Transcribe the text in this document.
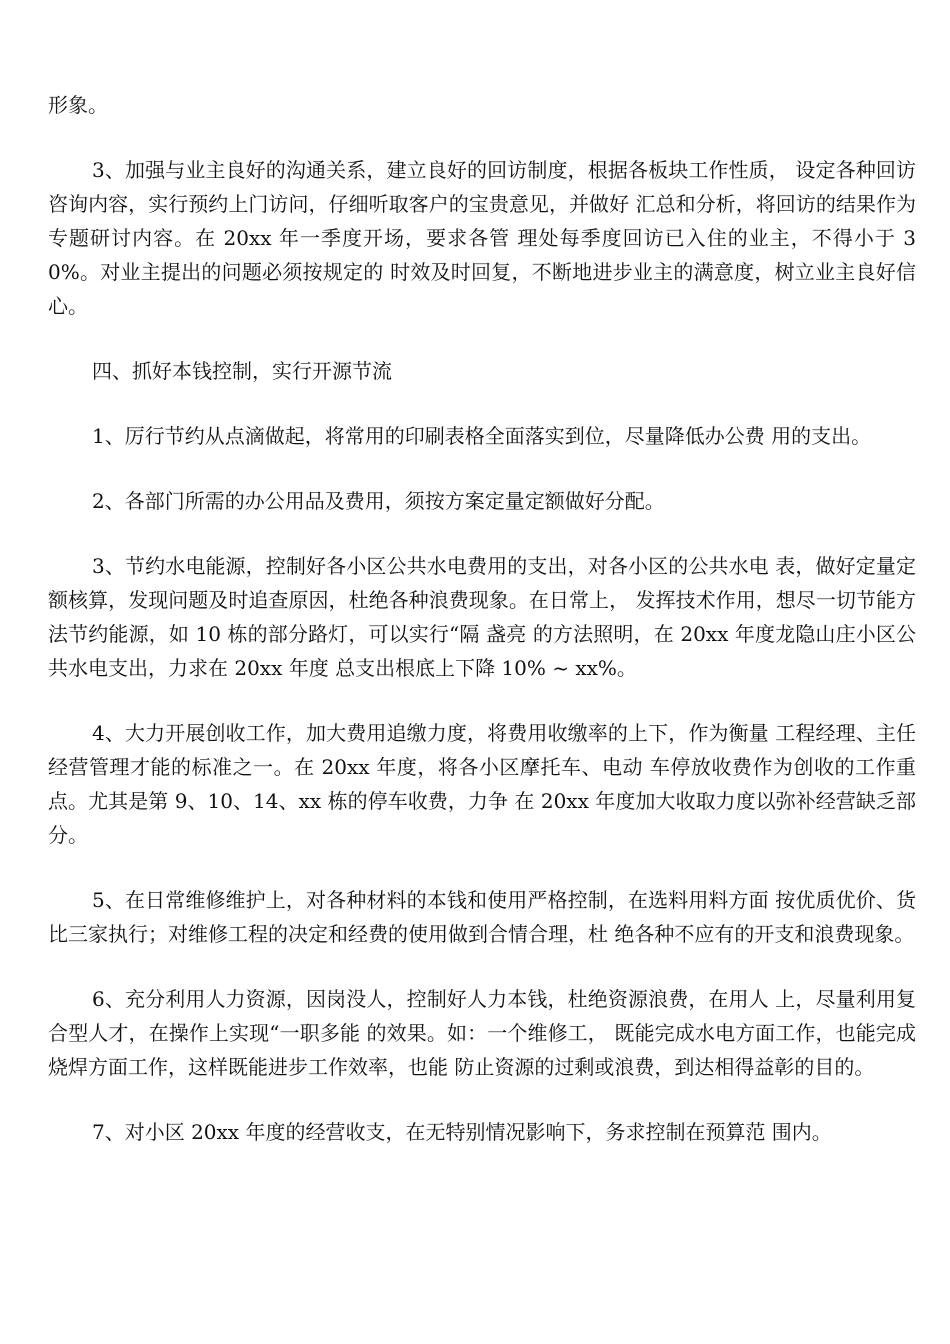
形象。

3、加强与业主良好的沟通关系，建立良好的回访制度，根据各板块工作性质， 设定各种回访咨询内容，实行预约上门访问，仔细听取客户的宝贵意见，并做好 汇总和分析，将回访的结果作为专题研讨内容。在 20xx 年一季度开场，要求各管 理处每季度回访已入住的业主，不得小于 30%。对业主提出的问题必须按规定的 时效及时回复，不断地进步业主的满意度，树立业主良好信心。

四、抓好本钱控制，实行开源节流

1、厉行节约从点滴做起，将常用的印刷表格全面落实到位，尽量降低办公费 用的支出。

2、各部门所需的办公用品及费用，须按方案定量定额做好分配。

3、节约水电能源，控制好各小区公共水电费用的支出，对各小区的公共水电 表，做好定量定额核算，发现问题及时追查原因，杜绝各种浪费现象。在日常上， 发挥技术作用，想尽一切节能方法节约能源，如 10 栋的部分路灯，可以实行“隔 盏亮 的方法照明，在 20xx 年度龙隐山庄小区公共水电支出，力求在 20xx 年度 总支出根底上下降 10% ~ xx%。

4、大力开展创收工作，加大费用追缴力度，将费用收缴率的上下，作为衡量 工程经理、主任经营管理才能的标准之一。在 20xx 年度，将各小区摩托车、电动 车停放收费作为创收的工作重点。尤其是第 9、10、14、xx 栋的停车收费，力争 在 20xx 年度加大收取力度以弥补经营缺乏部分。

5、在日常维修维护上，对各种材料的本钱和使用严格控制，在选料用料方面 按优质优价、货比三家执行；对维修工程的决定和经费的使用做到合情合理，杜 绝各种不应有的开支和浪费现象。

6、充分利用人力资源，因岗没人，控制好人力本钱，杜绝资源浪费，在用人 上，尽量利用复合型人才，在操作上实现“一职多能 的效果。如：一个维修工， 既能完成水电方面工作，也能完成烧焊方面工作，这样既能进步工作效率，也能 防止资源的过剩或浪费，到达相得益彰的目的。

7、对小区 20xx 年度的经营收支，在无特别情况影响下，务求控制在预算范 围内。
